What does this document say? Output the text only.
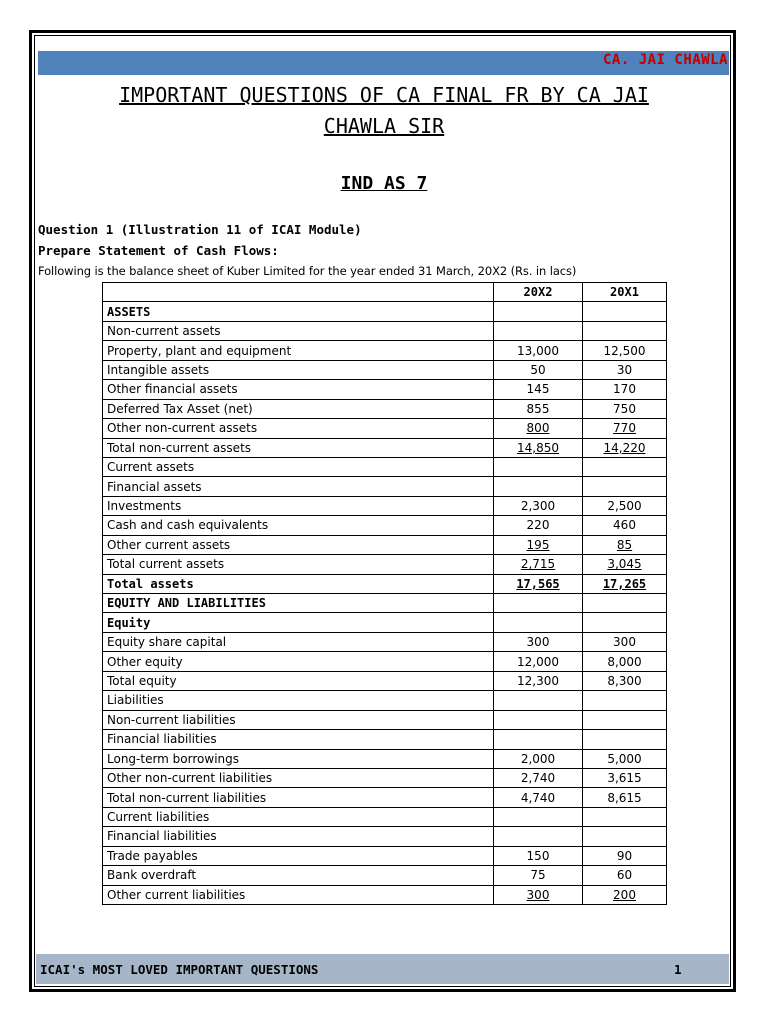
CA. JAI CHAWLA
IMPORTANT QUESTIONS OF CA FINAL FR BY CA JAI
CHAWLA SIR
IND AS 7
Question 1 (Illustration 11 of ICAI Module)
Prepare Statement of Cash Flows:
Following is the balance sheet of Kuber Limited for the year ended 31 March, 20X2 (Rs. in lacs)
	20X2	20X1
ASSETS		
Non-current assets		
Property, plant and equipment	13,000	12,500
Intangible assets	50	30
Other financial assets	145	170
Deferred Tax Asset (net)	855	750
Other non-current assets	800	770
Total non-current assets	14,850	14,220
Current assets		
Financial assets		
Investments	2,300	2,500
Cash and cash equivalents	220	460
Other current assets	195	85
Total current assets	2,715	3,045
Total assets	17,565	17,265
EQUITY AND LIABILITIES		
Equity		
Equity share capital	300	300
Other equity	12,000	8,000
Total equity	12,300	8,300
Liabilities		
Non-current liabilities		
Financial liabilities		
Long-term borrowings	2,000	5,000
Other non-current liabilities	2,740	3,615
Total non-current liabilities	4,740	8,615
Current liabilities		
Financial liabilities		
Trade payables	150	90
Bank overdraft	75	60
Other current liabilities	300	200
ICAI's MOST LOVED IMPORTANT QUESTIONS	1
